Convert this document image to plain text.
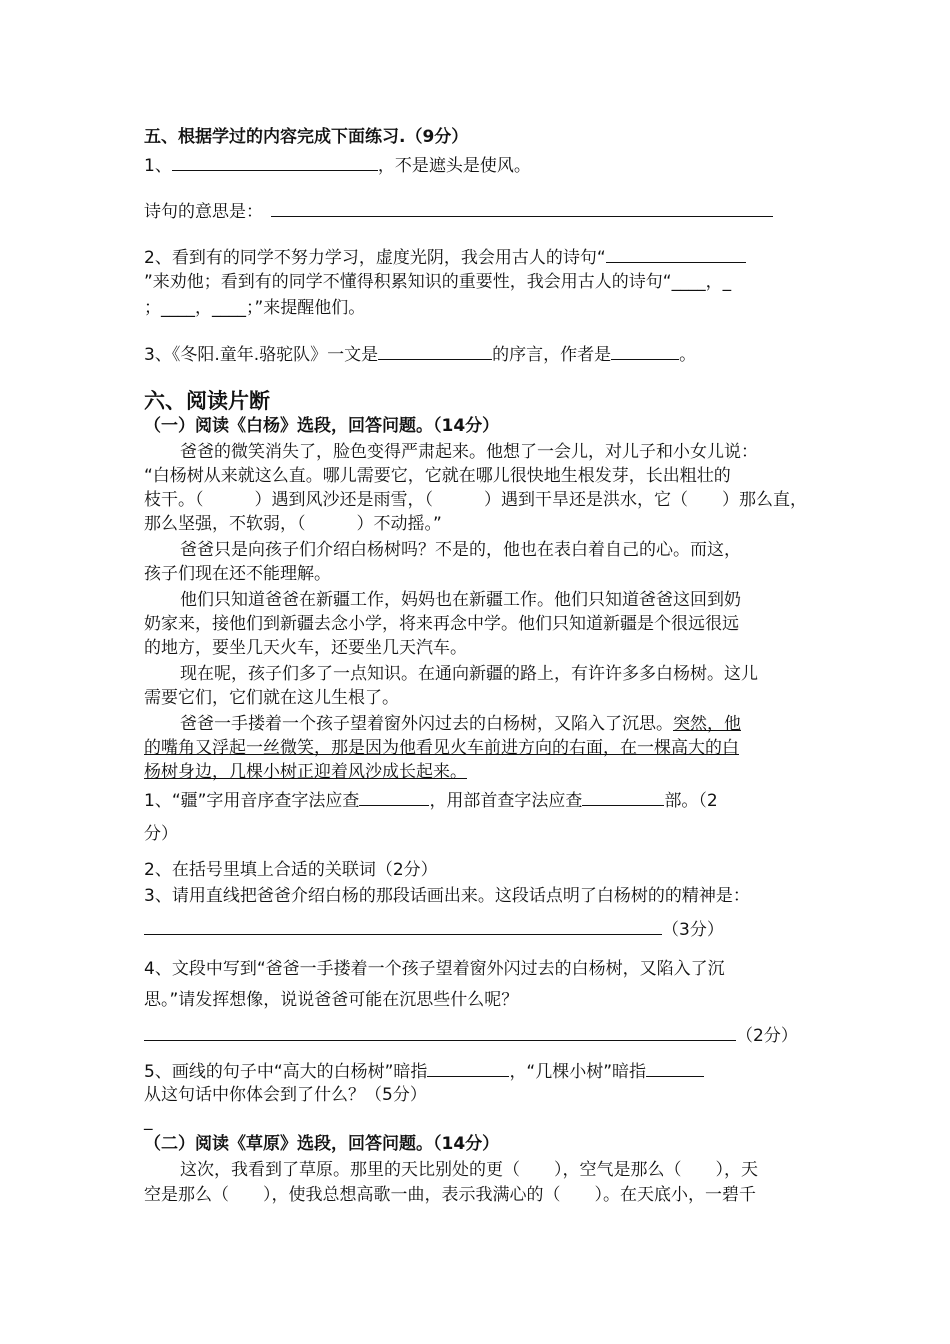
五、根据学过的内容完成下面练习.（9分）
1、	，不是遮头是使风。
诗句的意思是：
2、看到有的同学不努力学习，虚度光阴，我会用古人的诗句“
”来劝他；看到有的同学不懂得积累知识的重要性，我会用古人的诗句“____，_
；____，____；”来提醒他们。
3、《冬阳.童年.骆驼队》一文是	的序言，作者是	。
六、阅读片断
（一）阅读《白杨》选段，回答问题。（14分）
爸爸的微笑消失了，脸色变得严肃起来。他想了一会儿，对儿子和小女儿说：
“白杨树从来就这么直。哪儿需要它，它就在哪儿很快地生根发芽，长出粗壮的
枝干。（　　　）遇到风沙还是雨雪，（　　　）遇到干旱还是洪水，它（　　）那么直，
那么坚强，不软弱，（　　　）不动摇。”
爸爸只是向孩子们介绍白杨树吗？不是的，他也在表白着自己的心。而这，
孩子们现在还不能理解。
他们只知道爸爸在新疆工作，妈妈也在新疆工作。他们只知道爸爸这回到奶
奶家来，接他们到新疆去念小学，将来再念中学。他们只知道新疆是个很远很远
的地方，要坐几天火车，还要坐几天汽车。
现在呢，孩子们多了一点知识。在通向新疆的路上，有许许多多白杨树。这儿
需要它们，它们就在这儿生根了。
爸爸一手搂着一个孩子望着窗外闪过去的白杨树，又陷入了沉思。突然，他
的嘴角又浮起一丝微笑，那是因为他看见火车前进方向的右面，在一棵高大的白
杨树身边，几棵小树正迎着风沙成长起来。
1、“疆”字用音序查字法应查	，用部首查字法应查	部。（2
分）
2、在括号里填上合适的关联词（2分）
3、请用直线把爸爸介绍白杨的那段话画出来。这段话点明了白杨树的的精神是：
（3分）
4、文段中写到“爸爸一手搂着一个孩子望着窗外闪过去的白杨树，又陷入了沉
思。”请发挥想像，说说爸爸可能在沉思些什么呢？
（2分）
5、画线的句子中“高大的白杨树”暗指	，“几棵小树”暗指
从这句话中你体会到了什么？（5分）
_
（二）阅读《草原》选段，回答问题。（14分）
这次，我看到了草原。那里的天比别处的更（　　），空气是那么（　　），天
空是那么（　　），使我总想高歌一曲，表示我满心的（　　）。在天底小，一碧千
